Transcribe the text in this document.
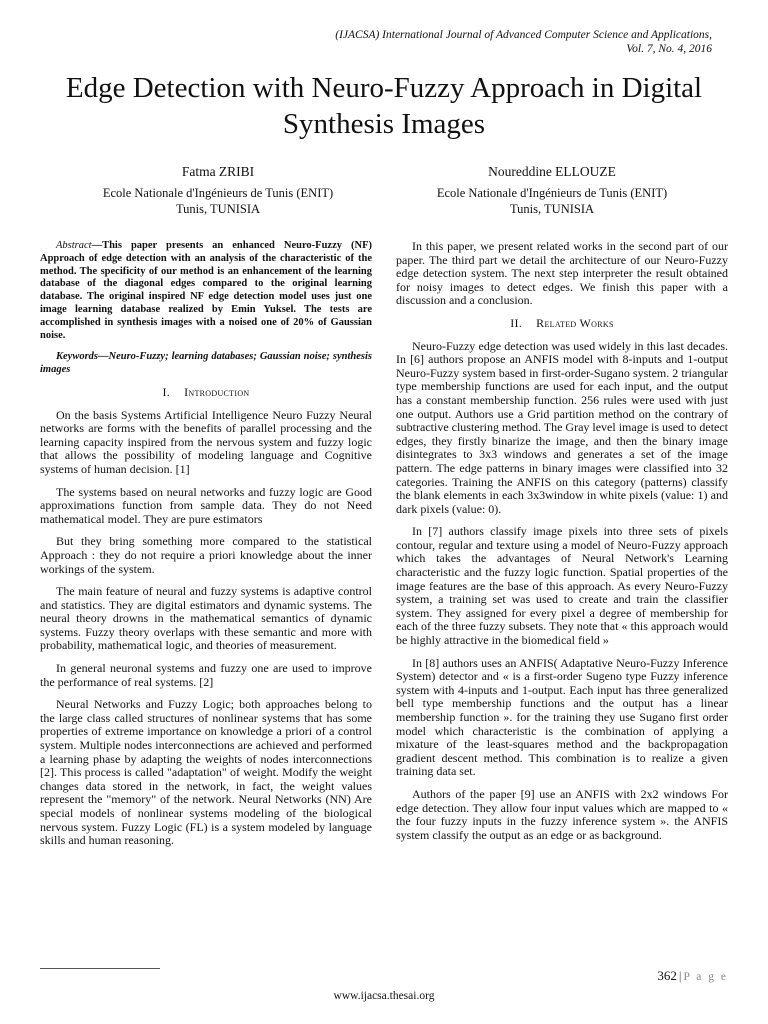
(IJACSA) International Journal of Advanced Computer Science and Applications,
Vol. 7, No. 4, 2016
Edge Detection with Neuro-Fuzzy Approach in Digital Synthesis Images
Fatma ZRIBI
Ecole Nationale d'Ingénieurs de Tunis (ENIT)
Tunis, TUNISIA
Noureddine ELLOUZE
Ecole Nationale d'Ingénieurs de Tunis (ENIT)
Tunis, TUNISIA

Abstract—This paper presents an enhanced Neuro-Fuzzy (NF) Approach of edge detection with an analysis of the characteristic of the method. The specificity of our method is an enhancement of the learning database of the diagonal edges compared to the original learning database. The original inspired NF edge detection model uses just one image learning database realized by Emin Yuksel. The tests are accomplished in synthesis images with a noised one of 20% of Gaussian noise.

Keywords—Neuro-Fuzzy; learning databases; Gaussian noise; synthesis images

I. Introduction

On the basis Systems Artificial Intelligence Neuro Fuzzy Neural networks are forms with the benefits of parallel processing and the learning capacity inspired from the nervous system and fuzzy logic that allows the possibility of modeling language and Cognitive systems of human decision. [1]

The systems based on neural networks and fuzzy logic are Good approximations function from sample data. They do not Need mathematical model. They are pure estimators

But they bring something more compared to the statistical Approach : they do not require a priori knowledge about the inner workings of the system.

The main feature of neural and fuzzy systems is adaptive control and statistics. They are digital estimators and dynamic systems. The neural theory drowns in the mathematical semantics of dynamic systems. Fuzzy theory overlaps with these semantic and more with probability, mathematical logic, and theories of measurement.

In general neuronal systems and fuzzy one are used to improve the performance of real systems. [2]

Neural Networks and Fuzzy Logic; both approaches belong to the large class called structures of nonlinear systems that has some properties of extreme importance on knowledge a priori of a control system. Multiple nodes interconnections are achieved and performed a learning phase by adapting the weights of nodes interconnections [2]. This process is called "adaptation" of weight. Modify the weight changes data stored in the network, in fact, the weight values represent the "memory" of the network. Neural Networks (NN) Are special models of nonlinear systems modeling of the biological nervous system. Fuzzy Logic (FL) is a system modeled by language skills and human reasoning.

In this paper, we present related works in the second part of our paper. The third part we detail the architecture of our Neuro-Fuzzy edge detection system. The next step interpreter the result obtained for noisy images to detect edges. We finish this paper with a discussion and a conclusion.

II. Related Works

Neuro-Fuzzy edge detection was used widely in this last decades. In [6] authors propose an ANFIS model with 8-inputs and 1-output Neuro-Fuzzy system based in first-order-Sugano system. 2 triangular type membership functions are used for each input, and the output has a constant membership function. 256 rules were used with just one output. Authors use a Grid partition method on the contrary of subtractive clustering method. The Gray level image is used to detect edges, they firstly binarize the image, and then the binary image disintegrates to 3x3 windows and generates a set of the image pattern. The edge patterns in binary images were classified into 32 categories. Training the ANFIS on this category (patterns) classify the blank elements in each 3x3window in white pixels (value: 1) and dark pixels (value: 0).

In [7] authors classify image pixels into three sets of pixels contour, regular and texture using a model of Neuro-Fuzzy approach which takes the advantages of Neural Network's Learning characteristic and the fuzzy logic function. Spatial properties of the image features are the base of this approach. As every Neuro-Fuzzy system, a training set was used to create and train the classifier system. They assigned for every pixel a degree of membership for each of the three fuzzy subsets. They note that « this approach would be highly attractive in the biomedical field »

In [8] authors uses an ANFIS( Adaptative Neuro-Fuzzy Inference System) detector and « is a first-order Sugeno type Fuzzy inference system with 4-inputs and 1-output. Each input has three generalized bell type membership functions and the output has a linear membership function ». for the training they use Sugano first order model which characteristic is the combination of applying a mixature of the least-squares method and the backpropagation gradient descent method. This combination is to realize a given training data set.

Authors of the paper [9] use an ANFIS with 2x2 windows For edge detection. They allow four input values which are mapped to « the four fuzzy inputs in the fuzzy inference system ». the ANFIS system classify the output as an edge or as background.

362 | P a g e
www.ijacsa.thesai.org
